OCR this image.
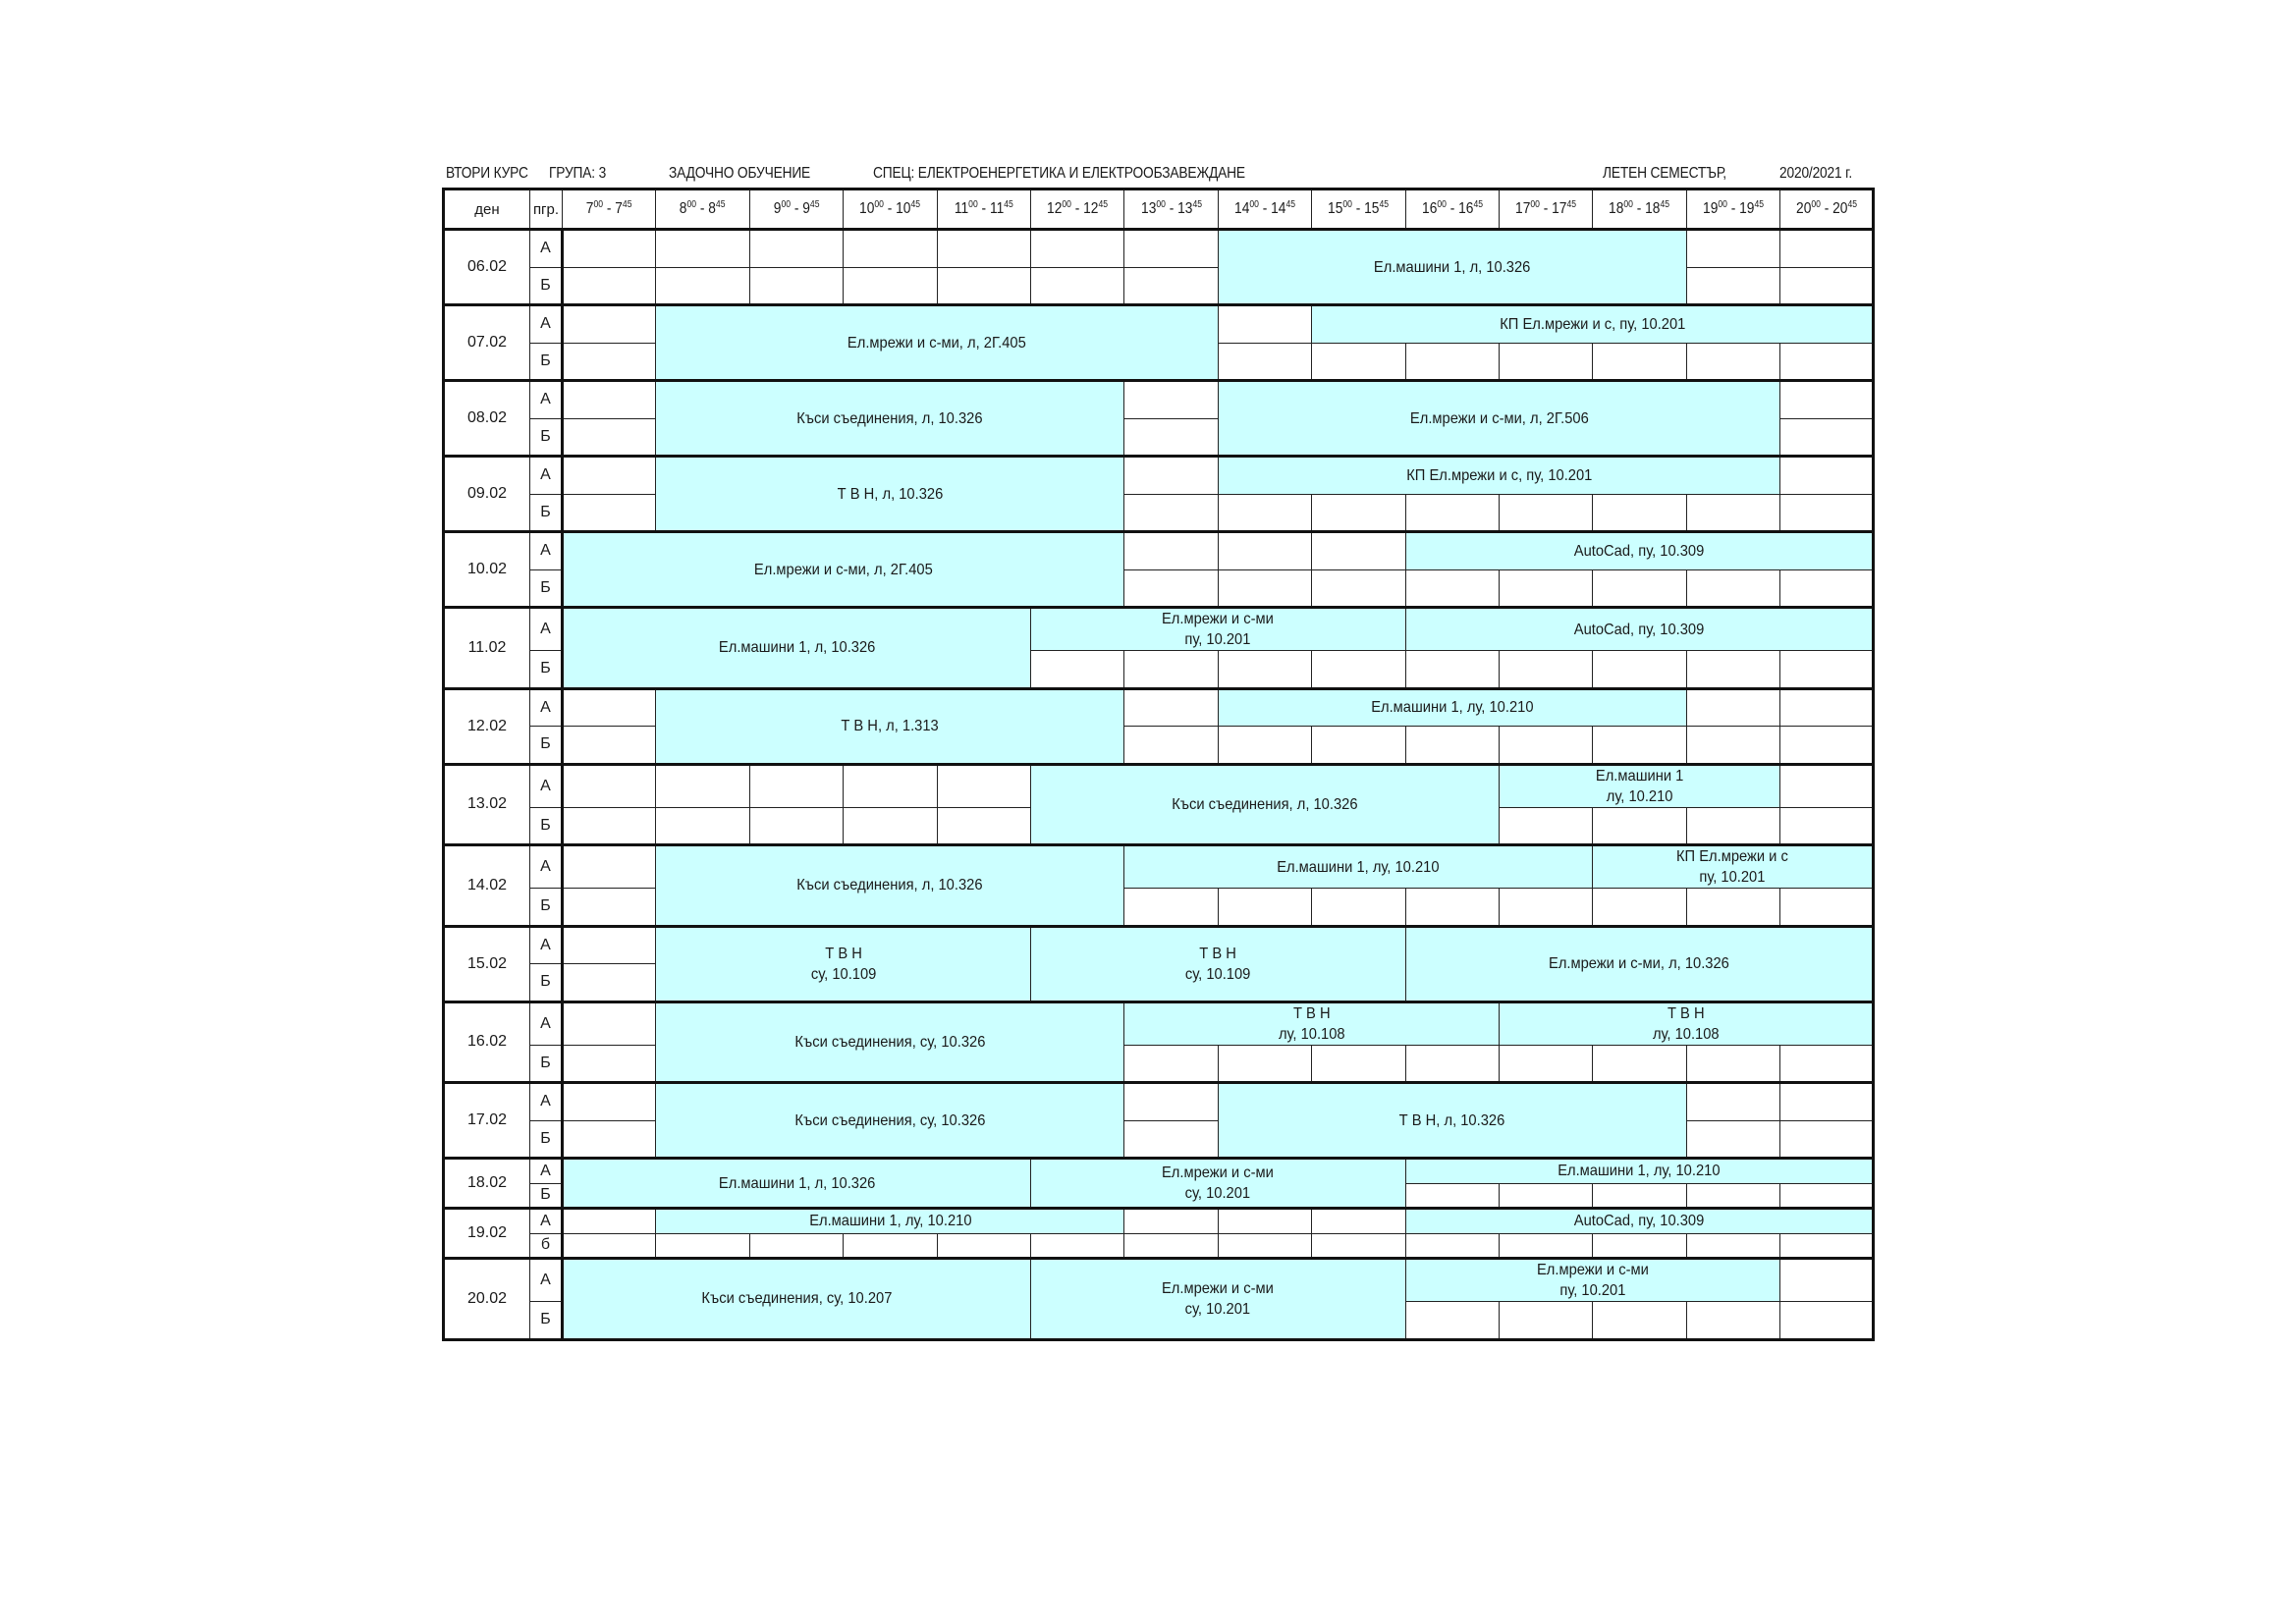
ВТОРИ КУРС ГРУПА: 3	ЗАДОЧНО ОБУЧЕНИЕ	СПЕЦ: ЕЛЕКТРОЕНЕРГЕТИКА И ЕЛЕКТРООБЗАВЕЖДАНЕ	ЛЕТЕН СЕМЕСТЪР,	2020/2021 г.
ден	пгр.	$7^{00} - 7^{45}$	$8^{00} - 8^{45}$	$9^{00} - 9^{45}$	$10^{00} - 10^{45}$	$11^{00} - 11^{45}$	$12^{00} - 12^{45}$	$13^{00} - 13^{45}$	$14^{00} - 14^{45}$	$15^{00} - 15^{45}$	$16^{00} - 16^{45}$	$17^{00} - 17^{45}$	$18^{00} - 18^{45}$	$19^{00} - 19^{45}$	$20^{00} - 20^{45}$
06.02	А								Ел.машини 1, л, 10.326						
	Б														
07.02	А		Ел.мрежи и с-ми, л, 2Г.405							КП Ел.мрежи и с, пу, 10.201					
	Б														
08.02	А		Къси съединения, л, 10.326						Ел.мрежи и с-ми, л, 2Г.506						
	Б														
09.02	А		Т В Н, л, 10.326						КП Ел.мрежи и с, пу, 10.201						
	Б														
10.02	А	Ел.мрежи и с-ми, л, 2Г.405									AutoCad, пу, 10.309				
	Б														
11.02	А	Ел.машини 1, л, 10.326					Ел.мрежи и с-ми
пу, 10.201				AutoCad, пу, 10.309				
	Б														
12.02	А		Т В Н, л, 1.313						Ел.машини 1, лу, 10.210						
	Б														
13.02	А						Къси съединения, л, 10.326					Ел.машини 1
лу, 10.210			
	Б														
14.02	А		Къси съединения, л, 10.326					Ел.машини 1, лу, 10.210					КП Ел.мрежи и с
пу, 10.201		
	Б														
15.02	А		Т В Н
су, 10.109				Т В Н
су, 10.109				Ел.мрежи и с-ми, л, 10.326				
	Б														
16.02	А		Къси съединения, су, 10.326					Т В Н
лу, 10.108				Т В Н
лу, 10.108			
	Б														
17.02	А		Къси съединения, су, 10.326						Т В Н, л, 10.326						
	Б														
18.02	А	Ел.машини 1, л, 10.326					Ел.мрежи и с-ми
су, 10.201				Ел.машини 1, лу, 10.210				
	Б														
19.02	А		Ел.машини 1, лу, 10.210								AutoCad, пу, 10.309				
	б														
20.02	А	Къси съединения, су, 10.207					Ел.мрежи и с-ми
су, 10.201				Ел.мрежи и с-ми
пу, 10.201				
	Б														
